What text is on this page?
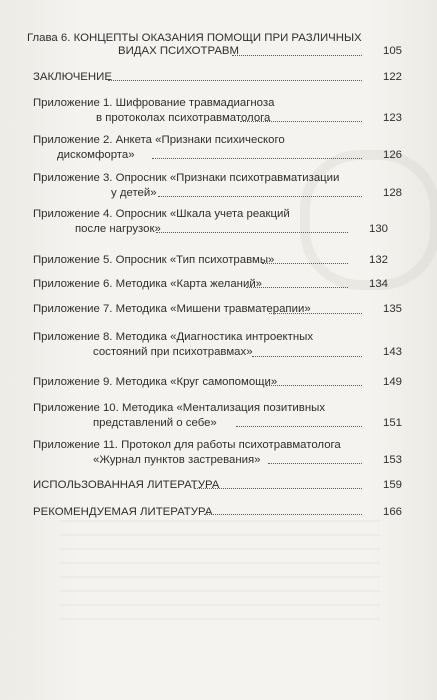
Глава 6. КОНЦЕПТЫ ОКАЗАНИЯ ПОМОЩИ ПРИ РАЗЛИЧНЫХ
ВИДАХ ПСИХОТРАВМ	105
ЗАКЛЮЧЕНИЕ	122
Приложение 1. Шифрование травмадиагноза
в протоколах психотравматолога	123
Приложение 2. Анкета «Признаки психического
дискомфорта»	126
Приложение 3. Опросник «Признаки психотравматизации
у детей»	128
Приложение 4. Опросник «Шкала учета реакций
после нагрузок»	130
Приложение 5. Опросник «Тип психотравмы»	132
Приложение 6. Методика «Карта желаний»	134
Приложение 7. Методика «Мишени травматерапии»	135
Приложение 8. Методика «Диагностика интроектных
состояний при психотравмах»	143
Приложение 9. Методика «Круг самопомощи»	149
Приложение 10. Методика «Ментализация позитивных
представлений о себе»	151
Приложение 11. Протокол для работы психотравматолога
«Журнал пунктов застревания»	153
ИСПОЛЬЗОВАННАЯ ЛИТЕРАТУРА	159
РЕКОМЕНДУЕМАЯ ЛИТЕРАТУРА	166
